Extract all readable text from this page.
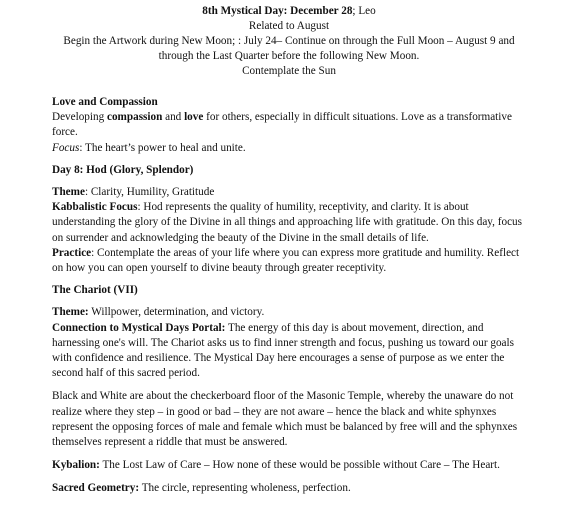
8th Mystical Day: December 28; Leo

Related to August

Begin the Artwork during New Moon; : July 24– Continue on through the Full Moon – August 9 and through the Last Quarter before the following New Moon.

Contemplate the Sun

Love and Compassion

Developing compassion and love for others, especially in difficult situations. Love as a transformative force.

Focus: The heart’s power to heal and unite.

Day 8: Hod (Glory, Splendor)

Theme: Clarity, Humility, Gratitude

Kabbalistic Focus: Hod represents the quality of humility, receptivity, and clarity. It is about understanding the glory of the Divine in all things and approaching life with gratitude. On this day, focus on surrender and acknowledging the beauty of the Divine in the small details of life.

Practice: Contemplate the areas of your life where you can express more gratitude and humility. Reflect on how you can open yourself to divine beauty through greater receptivity.

The Chariot (VII)

Theme: Willpower, determination, and victory.

Connection to Mystical Days Portal: The energy of this day is about movement, direction, and harnessing one's will. The Chariot asks us to find inner strength and focus, pushing us toward our goals with confidence and resilience. The Mystical Day here encourages a sense of purpose as we enter the second half of this sacred period.

Black and White are about the checkerboard floor of the Masonic Temple, whereby the unaware do not realize where they step – in good or bad – they are not aware – hence the black and white sphynxes represent the opposing forces of male and female which must be balanced by free will and the sphynxes themselves represent a riddle that must be answered.

Kybalion: The Lost Law of Care – How none of these would be possible without Care – The Heart.

Sacred Geometry: The circle, representing wholeness, perfection.
